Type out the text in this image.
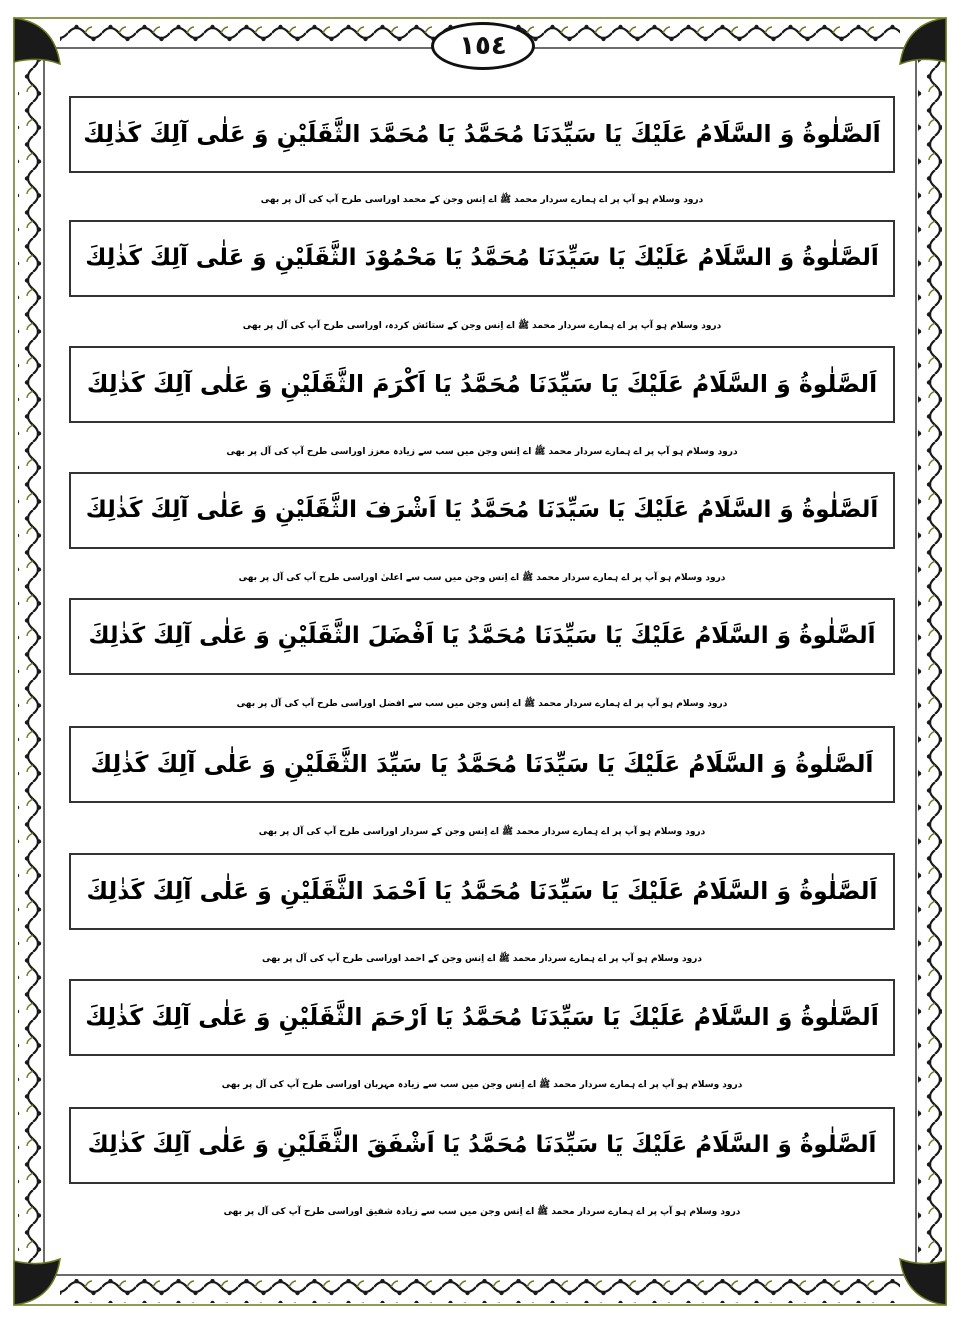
١٥٤
اَلصَّلٰوةُ وَ السَّلَامُ عَلَيْكَ يَا سَيِّدَنَا مُحَمَّدُ يَا مُحَمَّدَ الثَّقَلَيْنِ وَ عَلٰى آلِكَ كَذٰلِكَ
درود وسلام ہو آپ پر اے ہمارے سردار محمد ﷺ اے اِنس وجن کے محمد اوراسی طرح آپ کی آل پر بھی
اَلصَّلٰوةُ وَ السَّلَامُ عَلَيْكَ يَا سَيِّدَنَا مُحَمَّدُ يَا مَحْمُوْدَ الثَّقَلَيْنِ وَ عَلٰى آلِكَ كَذٰلِكَ
درود وسلام ہو آپ پر اے ہمارے سردار محمد ﷺ اے اِنس وجن کے ستائش کردہ، اوراسی طرح آپ کی آل پر بھی
اَلصَّلٰوةُ وَ السَّلَامُ عَلَيْكَ يَا سَيِّدَنَا مُحَمَّدُ يَا اَكْرَمَ الثَّقَلَيْنِ وَ عَلٰى آلِكَ كَذٰلِكَ
درود وسلام ہو آپ پر اے ہمارے سردار محمد ﷺ اے اِنس وجن میں سب سے زیادہ معزز اوراسی طرح آپ کی آل پر بھی
اَلصَّلٰوةُ وَ السَّلَامُ عَلَيْكَ يَا سَيِّدَنَا مُحَمَّدُ يَا اَشْرَفَ الثَّقَلَيْنِ وَ عَلٰى آلِكَ كَذٰلِكَ
درود وسلام ہو آپ پر اے ہمارے سردار محمد ﷺ اے اِنس وجن میں سب سے اعلیٰ اوراسی طرح آپ کی آل پر بھی
اَلصَّلٰوةُ وَ السَّلَامُ عَلَيْكَ يَا سَيِّدَنَا مُحَمَّدُ يَا اَفْضَلَ الثَّقَلَيْنِ وَ عَلٰى آلِكَ كَذٰلِكَ
درود وسلام ہو آپ پر اے ہمارے سردار محمد ﷺ اے اِنس وجن میں سب سے افضل اوراسی طرح آپ کی آل پر بھی
اَلصَّلٰوةُ وَ السَّلَامُ عَلَيْكَ يَا سَيِّدَنَا مُحَمَّدُ يَا سَيِّدَ الثَّقَلَيْنِ وَ عَلٰى آلِكَ كَذٰلِكَ
درود وسلام ہو آپ پر اے ہمارے سردار محمد ﷺ اے اِنس وجن کے سردار اوراسی طرح آپ کی آل پر بھی
اَلصَّلٰوةُ وَ السَّلَامُ عَلَيْكَ يَا سَيِّدَنَا مُحَمَّدُ يَا اَحْمَدَ الثَّقَلَيْنِ وَ عَلٰى آلِكَ كَذٰلِكَ
درود وسلام ہو آپ پر اے ہمارے سردار محمد ﷺ اے اِنس وجن کے احمد اوراسی طرح آپ کی آل پر بھی
اَلصَّلٰوةُ وَ السَّلَامُ عَلَيْكَ يَا سَيِّدَنَا مُحَمَّدُ يَا اَرْحَمَ الثَّقَلَيْنِ وَ عَلٰى آلِكَ كَذٰلِكَ
درود وسلام ہو آپ پر اے ہمارے سردار محمد ﷺ اے اِنس وجن میں سب سے زیادہ مہربان اوراسی طرح آپ کی آل پر بھی
اَلصَّلٰوةُ وَ السَّلَامُ عَلَيْكَ يَا سَيِّدَنَا مُحَمَّدُ يَا اَشْفَقَ الثَّقَلَيْنِ وَ عَلٰى آلِكَ كَذٰلِكَ
درود وسلام ہو آپ پر اے ہمارے سردار محمد ﷺ اے اِنس وجن میں سب سے زیادہ شفیق اوراسی طرح آپ کی آل پر بھی
